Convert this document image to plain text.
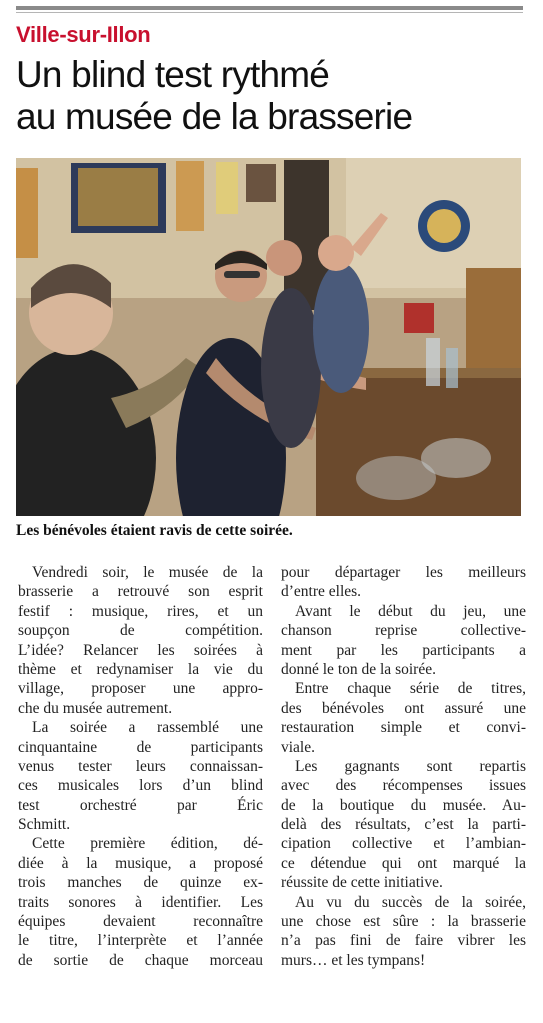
Ville-sur-Illon
Un blind test rythmé
au musée de la brasserie
Les bénévoles étaient ravis de cette soirée.
Vendredi soir, le musée de la
brasserie a retrouvé son esprit
festif : musique, rires, et un
soupçon de compétition.
L’idée? Relancer les soirées à
thème et redynamiser la vie du
village, proposer une appro-
che du musée autrement.
La soirée a rassemblé une
cinquantaine de participants
venus tester leurs connaissan-
ces musicales lors d’un blind
test orchestré par Éric
Schmitt.
Cette première édition, dé-
diée à la musique, a proposé
trois manches de quinze ex-
traits sonores à identifier. Les
équipes devaient reconnaître
le titre, l’interprète et l’année
de sortie de chaque morceau
pour départager les meilleurs
d’entre elles.
Avant le début du jeu, une
chanson reprise collective-
ment par les participants a
donné le ton de la soirée.
Entre chaque série de titres,
des bénévoles ont assuré une
restauration simple et convi-
viale.
Les gagnants sont repartis
avec des récompenses issues
de la boutique du musée. Au-
delà des résultats, c’est la parti-
cipation collective et l’ambian-
ce détendue qui ont marqué la
réussite de cette initiative.
Au vu du succès de la soirée,
une chose est sûre : la brasserie
n’a pas fini de faire vibrer les
murs… et les tympans!
